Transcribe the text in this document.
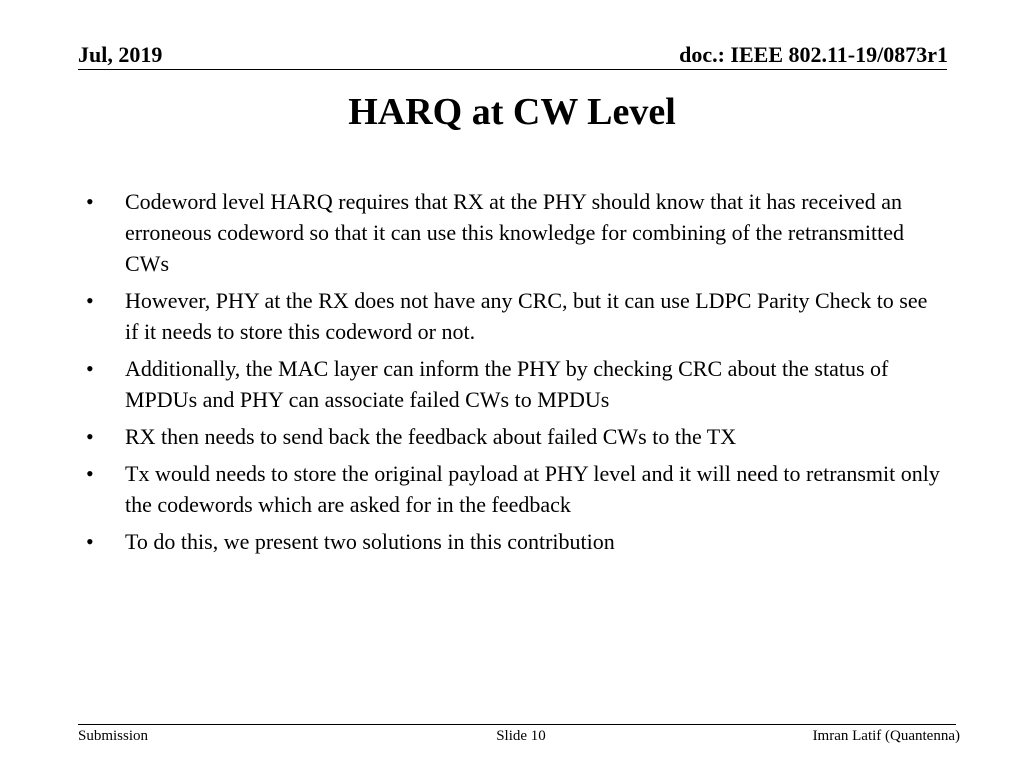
Jul, 2019	doc.: IEEE 802.11-19/0873r1
HARQ at CW Level
•	Codeword level HARQ requires that RX at the PHY should know that it has received an erroneous codeword so that it can use this knowledge for combining of the retransmitted CWs
•	However, PHY at the RX does not have any CRC, but it can use LDPC Parity Check to see if it needs to store this codeword or not.
•	Additionally, the MAC layer can inform the PHY by checking CRC about the status of MPDUs and PHY can associate failed CWs to MPDUs
•	RX then needs to send back the feedback about failed CWs to the TX
•	Tx would needs to store the original payload at PHY level and it will need to retransmit only the codewords which are asked for in the feedback
•	To do this, we present two solutions in this contribution
Submission	Slide 10	Imran Latif (Quantenna)
